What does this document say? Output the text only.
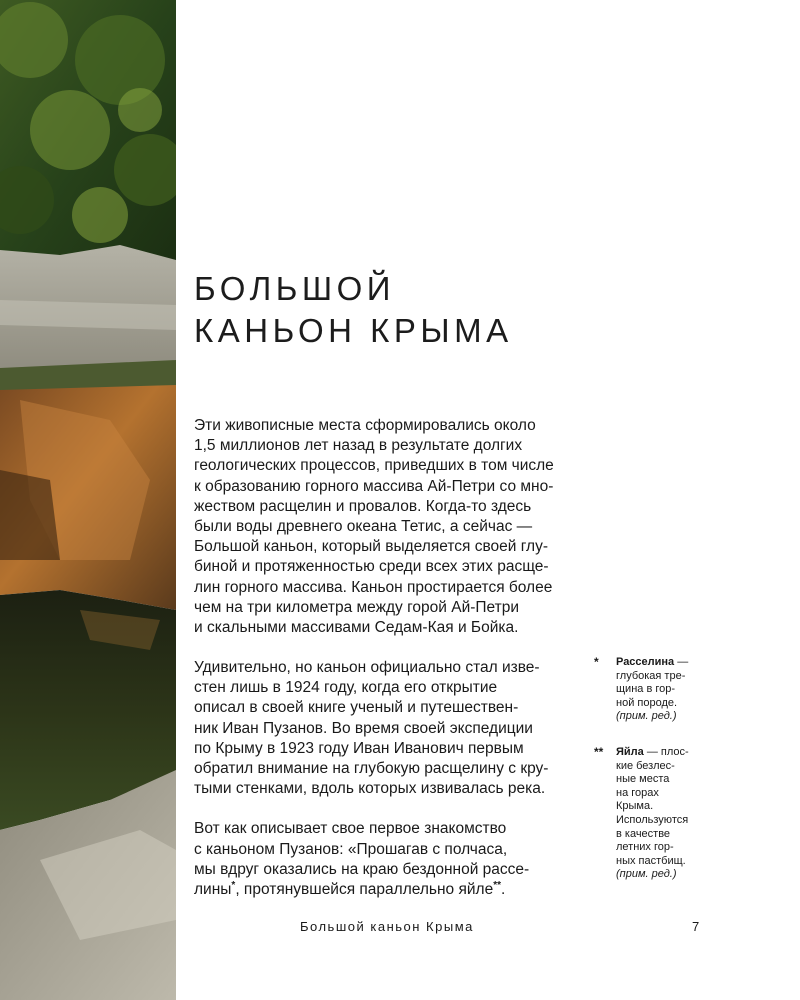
БОЛЬШОЙ
КАНЬОН КРЫМА

Эти живописные места сформировались около
1,5 миллионов лет назад в результате долгих
геологических процессов, приведших в том числе
к образованию горного массива Ай-Петри со мно-
жеством расщелин и провалов. Когда-то здесь
были воды древнего океана Тетис, а сейчас —
Большой каньон, который выделяется своей глу-
биной и протяженностью среди всех этих расще-
лин горного массива. Каньон простирается более
чем на три километра между горой Ай-Петри
и скальными массивами Седам-Кая и Бойка.

Удивительно, но каньон официально стал изве-
стен лишь в 1924 году, когда его открытие
описал в своей книге ученый и путешествен-
ник Иван Пузанов. Во время своей экспедиции
по Крыму в 1923 году Иван Иванович первым
обратил внимание на глубокую расщелину с кру-
тыми стенками, вдоль которых извивалась река.

Вот как описывает свое первое знакомство
с каньоном Пузанов: «Прошагав с полчаса,
мы вдруг оказались на краю бездонной рассе-
лины*, протянувшейся параллельно яйле**.

* Расселина —
глубокая тре-
щина в гор-
ной породе.
(прим. ред.)
** Яйла — плос-
кие безлес-
ные места
на горах
Крыма.
Используются
в качестве
летних гор-
ных пастбищ.
(прим. ред.)
Большой каньон Крыма	7
